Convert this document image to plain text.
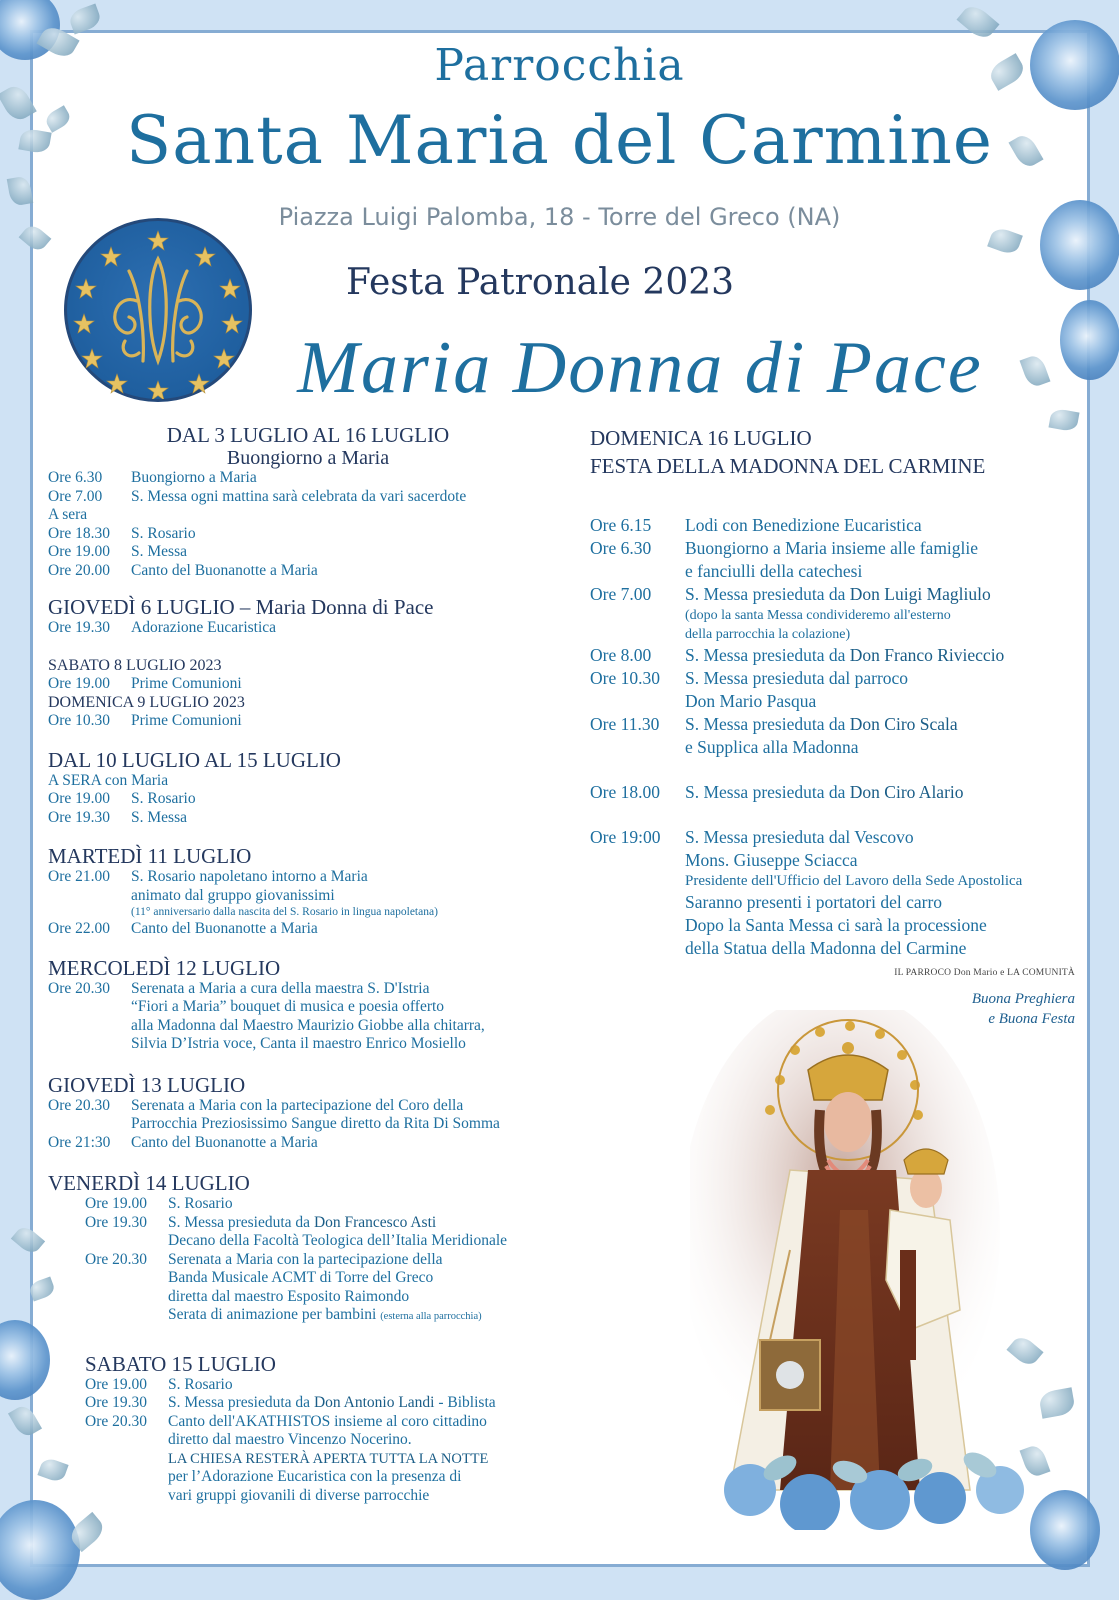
Parrocchia
Santa Maria del Carmine
Piazza Luigi Palomba, 18 - Torre del Greco (NA)
Festa Patronale 2023
Maria Donna di Pace
DAL 3 LUGLIO AL 16 LUGLIO
Buongiorno a Maria
Ore 6.30	Buongiorno a Maria
Ore 7.00	S. Messa ogni mattina sarà celebrata da vari sacerdote
A sera
Ore 18.30	S. Rosario
Ore 19.00	S. Messa
Ore 20.00	Canto del Buonanotte a Maria
GIOVEDÌ 6 LUGLIO – Maria Donna di Pace
Ore 19.30	Adorazione Eucaristica
SABATO 8 LUGLIO 2023
Ore 19.00	Prime Comunioni
DOMENICA 9 LUGLIO 2023
Ore 10.30	Prime Comunioni
DAL 10 LUGLIO AL 15 LUGLIO
A SERA con Maria
Ore 19.00	S. Rosario
Ore 19.30	S. Messa
MARTEDÌ 11 LUGLIO
Ore 21.00	S. Rosario napoletano intorno a Maria
animato dal gruppo giovanissimi
(11° anniversario dalla nascita del S. Rosario in lingua napoletana)
Ore 22.00	Canto del Buonanotte a Maria
MERCOLEDÌ 12 LUGLIO
Ore 20.30	Serenata a Maria a cura della maestra S. D'Istria
“Fiori a Maria” bouquet di musica e poesia offerto
alla Madonna dal Maestro Maurizio Giobbe alla chitarra,
Silvia D’Istria voce, Canta il maestro Enrico Mosiello
GIOVEDÌ 13 LUGLIO
Ore 20.30	Serenata a Maria con la partecipazione del Coro della
Parrocchia Preziosissimo Sangue diretto da Rita Di Somma
Ore 21:30	Canto del Buonanotte a Maria
VENERDÌ 14 LUGLIO
Ore 19.00	S. Rosario
Ore 19.30	S. Messa presieduta da Don Francesco Asti
Decano della Facoltà Teologica dell’Italia Meridionale
Ore 20.30	Serenata a Maria con la partecipazione della
Banda Musicale ACMT di Torre del Greco
diretta dal maestro Esposito Raimondo
Serata di animazione per bambini (esterna alla parrocchia)
SABATO 15 LUGLIO
Ore 19.00	S. Rosario
Ore 19.30	S. Messa presieduta da Don Antonio Landi - Biblista
Ore 20.30	Canto dell'AKATHISTOS insieme al coro cittadino
diretto dal maestro Vincenzo Nocerino.
LA CHIESA RESTERÀ APERTA TUTTA LA NOTTE
per l’Adorazione Eucaristica con la presenza di
vari gruppi giovanili di diverse parrocchie
DOMENICA 16 LUGLIO
FESTA DELLA MADONNA DEL CARMINE
Ore 6.15	Lodi con Benedizione Eucaristica
Ore 6.30	Buongiorno a Maria insieme alle famiglie
e fanciulli della catechesi
Ore 7.00	S. Messa presieduta da Don Luigi Magliulo
(dopo la santa Messa condivideremo all'esterno
della parrocchia la colazione)
Ore 8.00	S. Messa presieduta da Don Franco Rivieccio
Ore 10.30	S. Messa presieduta dal parroco
Don Mario Pasqua
Ore 11.30	S. Messa presieduta da Don Ciro Scala
e Supplica alla Madonna
Ore 18.00	S. Messa presieduta da Don Ciro Alario
Ore 19:00	S. Messa presieduta dal Vescovo
Mons. Giuseppe Sciacca
Presidente dell'Ufficio del Lavoro della Sede Apostolica
Saranno presenti i portatori del carro
Dopo la Santa Messa ci sarà la processione
della Statua della Madonna del Carmine
IL PARROCO Don Mario e LA COMUNITÀ
Buona Preghiera
e Buona Festa
